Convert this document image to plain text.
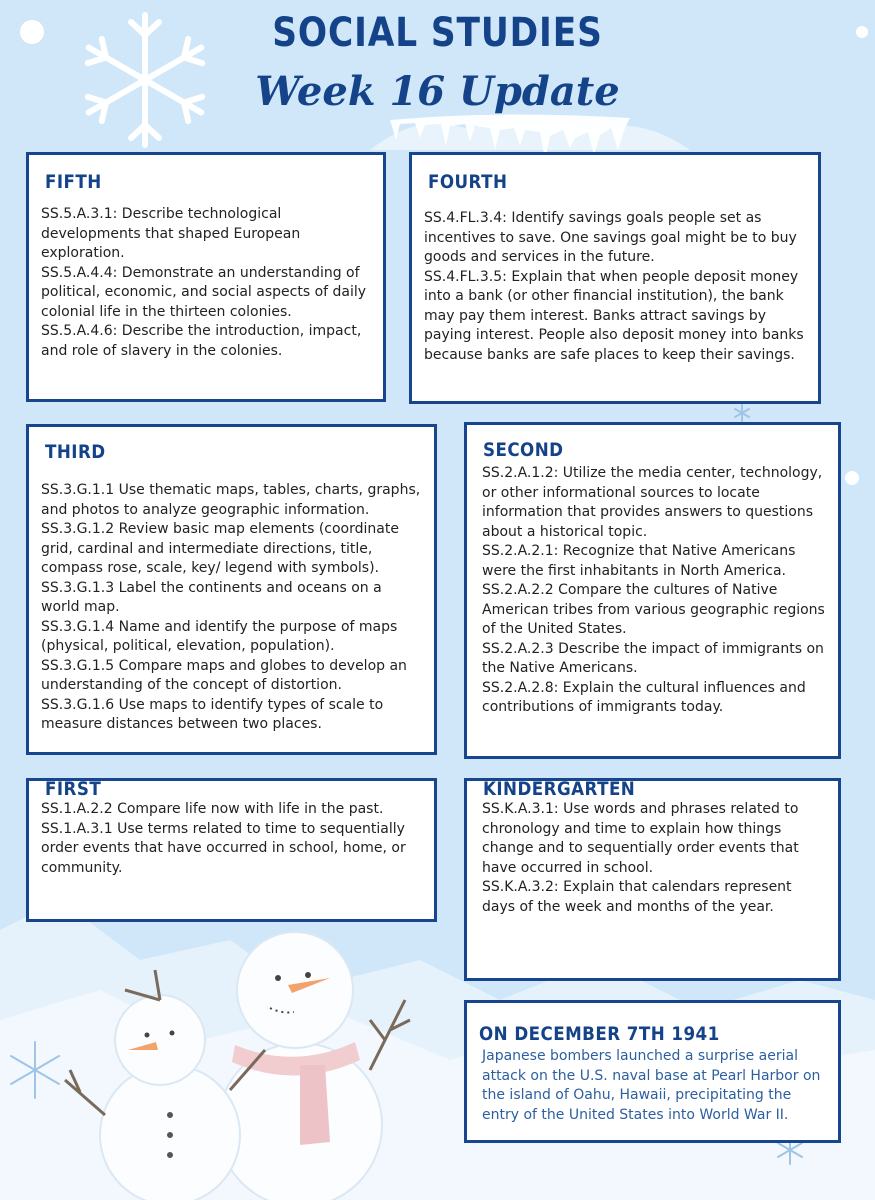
SOCIAL STUDIES
Week 16 Update
FIFTH

SS.5.A.3.1: Describe technological developments that shaped European exploration.
SS.5.A.4.4: Demonstrate an understanding of political, economic, and social aspects of daily colonial life in the thirteen colonies.
SS.5.A.4.6: Describe the introduction, impact, and role of slavery in the colonies.

FOURTH

SS.4.FL.3.4: Identify savings goals people set as incentives to save. One savings goal might be to buy goods and services in the future.
SS.4.FL.3.5: Explain that when people deposit money into a bank (or other financial institution), the bank may pay them interest. Banks attract savings by paying interest. People also deposit money into banks because banks are safe places to keep their savings.

THIRD

SS.3.G.1.1 Use thematic maps, tables, charts, graphs, and photos to analyze geographic information.
SS.3.G.1.2 Review basic map elements (coordinate grid, cardinal and intermediate directions, title, compass rose, scale, key/ legend with symbols).
SS.3.G.1.3 Label the continents and oceans on a world map.
SS.3.G.1.4 Name and identify the purpose of maps (physical, political, elevation, population).
SS.3.G.1.5 Compare maps and globes to develop an understanding of the concept of distortion.
SS.3.G.1.6 Use maps to identify types of scale to measure distances between two places.

SECOND

SS.2.A.1.2: Utilize the media center, technology, or other informational sources to locate information that provides answers to questions about a historical topic.
SS.2.A.2.1: Recognize that Native Americans were the first inhabitants in North America.
SS.2.A.2.2 Compare the cultures of Native American tribes from various geographic regions of the United States.
SS.2.A.2.3 Describe the impact of immigrants on the Native Americans.
SS.2.A.2.8: Explain the cultural influences and contributions of immigrants today.

FIRST

SS.1.A.2.2 Compare life now with life in the past.
SS.1.A.3.1 Use terms related to time to sequentially order events that have occurred in school, home, or community.

KINDERGARTEN

SS.K.A.3.1: Use words and phrases related to chronology and time to explain how things change and to sequentially order events that have occurred in school.
SS.K.A.3.2: Explain that calendars represent days of the week and months of the year.

ON DECEMBER 7TH 1941

Japanese bombers launched a surprise aerial attack on the U.S. naval base at Pearl Harbor on the island of Oahu, Hawaii, precipitating the entry of the United States into World War II.
